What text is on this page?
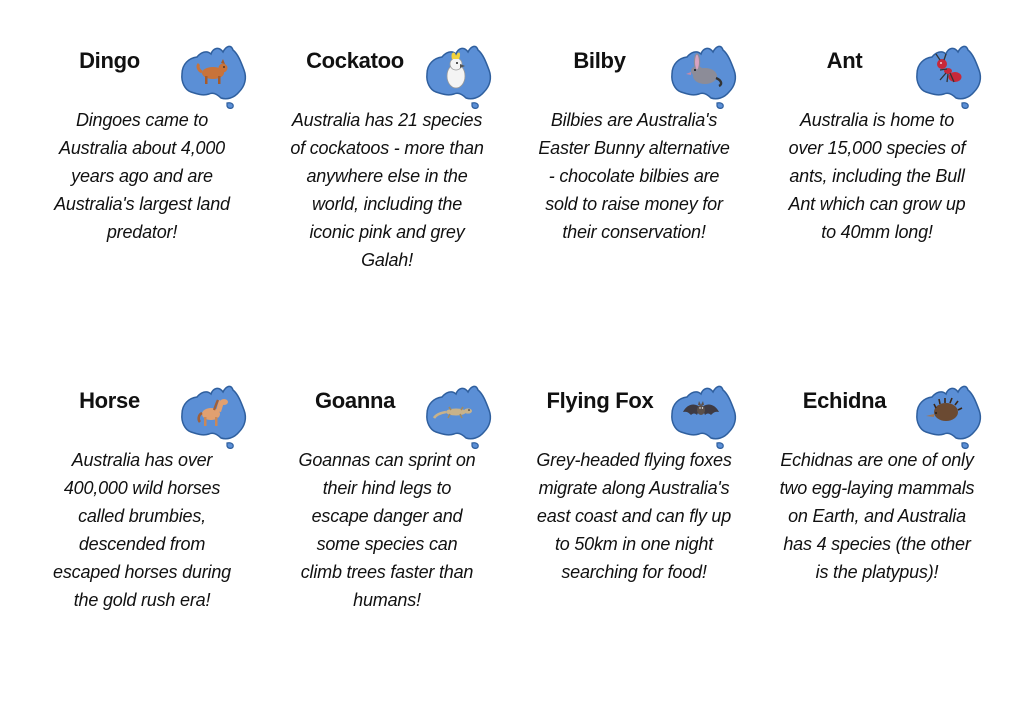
Dingo
Dingoes came to Australia about 4,000 years ago and are Australia's largest land predator!
Cockatoo
Australia has 21 species of cockatoos - more than anywhere else in the world, including the iconic pink and grey Galah!
Bilby
Bilbies are Australia's Easter Bunny alternative - chocolate bilbies are sold to raise money for their conservation!
Ant
Australia is home to over 15,000 species of ants, including the Bull Ant which can grow up to 40mm long!
Horse
Australia has over 400,000 wild horses called brumbies, descended from escaped horses during the gold rush era!
Goanna
Goannas can sprint on their hind legs to escape danger and some species can climb trees faster than humans!
Flying Fox
Grey-headed flying foxes migrate along Australia's east coast and can fly up to 50km in one night searching for food!
Echidna
Echidnas are one of only two egg-laying mammals on Earth, and Australia has 4 species (the other is the platypus)!
